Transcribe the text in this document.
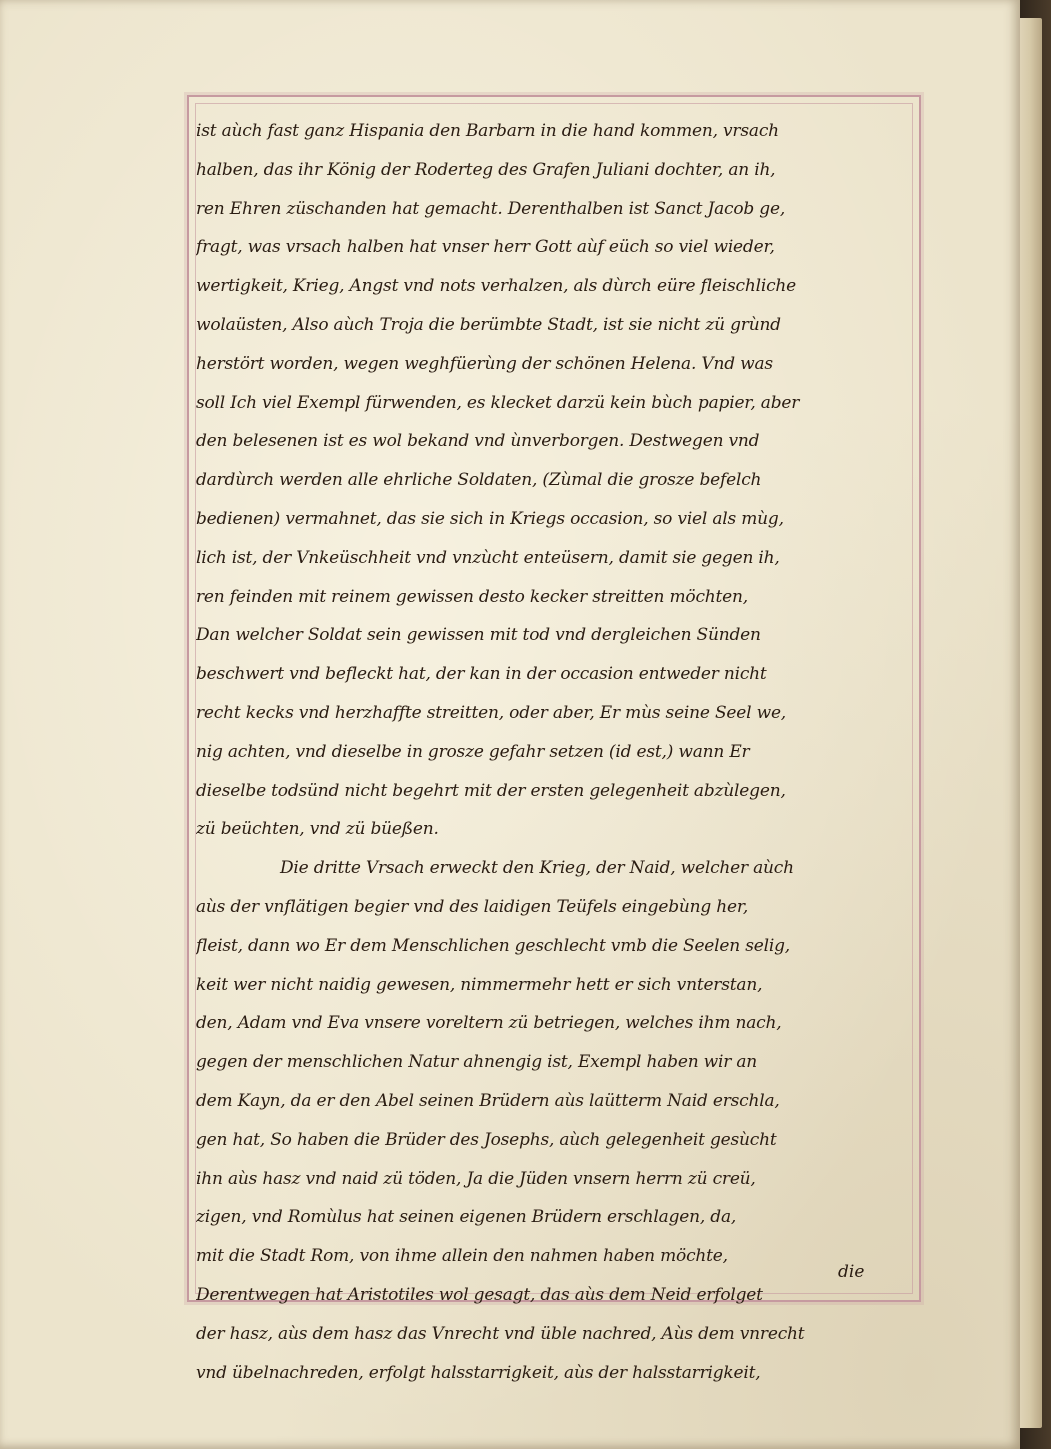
ist aùch fast ganz Hispania den Barbarn in die hand kommen, vrsach
halben, das ihr König der Roderteg des Grafen Juliani dochter, an ih,
ren Ehren züschanden hat gemacht. Derenthalben ist Sanct Jacob ge,
fragt, was vrsach halben hat vnser herr Gott aùf eüch so viel wieder,
wertigkeit, Krieg, Angst vnd nots verhalzen, als dùrch eüre fleischliche
wolaüsten, Also aùch Troja die berümbte Stadt, ist sie nicht zü grùnd
herstört worden, wegen weghfüerùng der schönen Helena. Vnd was
soll Ich viel Exempl fürwenden, es klecket darzü kein bùch papier, aber
den belesenen ist es wol bekand vnd ùnverborgen. Destwegen vnd
dardùrch werden alle ehrliche Soldaten, (Zùmal die grosze befelch
bedienen) vermahnet, das sie sich in Kriegs occasion, so viel als mùg,
lich ist, der Vnkeüschheit vnd vnzùcht enteüsern, damit sie gegen ih,
ren feinden mit reinem gewissen desto kecker streitten möchten,
Dan welcher Soldat sein gewissen mit tod vnd dergleichen Sünden
beschwert vnd befleckt hat, der kan in der occasion entweder nicht
recht kecks vnd herzhaffte streitten, oder aber, Er mùs seine Seel we,
nig achten, vnd dieselbe in grosze gefahr setzen (id est,) wann Er
dieselbe todsünd nicht begehrt mit der ersten gelegenheit abzùlegen,
zü beüchten, vnd zü büeßen.
Die dritte Vrsach erweckt den Krieg, der Naid, welcher aùch
aùs der vnflätigen begier vnd des laidigen Teüfels eingebùng her,
fleist, dann wo Er dem Menschlichen geschlecht vmb die Seelen selig,
keit wer nicht naidig gewesen, nimmermehr hett er sich vnterstan,
den, Adam vnd Eva vnsere voreltern zü betriegen, welches ihm nach,
gegen der menschlichen Natur ahnengig ist, Exempl haben wir an
dem Kayn, da er den Abel seinen Brüdern aùs laütterm Naid erschla,
gen hat, So haben die Brüder des Josephs, aùch gelegenheit gesùcht
ihn aùs hasz vnd naid zü töden, Ja die Jüden vnsern herrn zü creü,
zigen, vnd Romùlus hat seinen eigenen Brüdern erschlagen, da,
mit die Stadt Rom, von ihme allein den nahmen haben möchte,
Derentwegen hat Aristotiles wol gesagt, das aùs dem Neid erfolget
der hasz, aùs dem hasz das Vnrecht vnd üble nachred, Aùs dem vnrecht
vnd übelnachreden, erfolgt halsstarrigkeit, aùs der halsstarrigkeit,
die
